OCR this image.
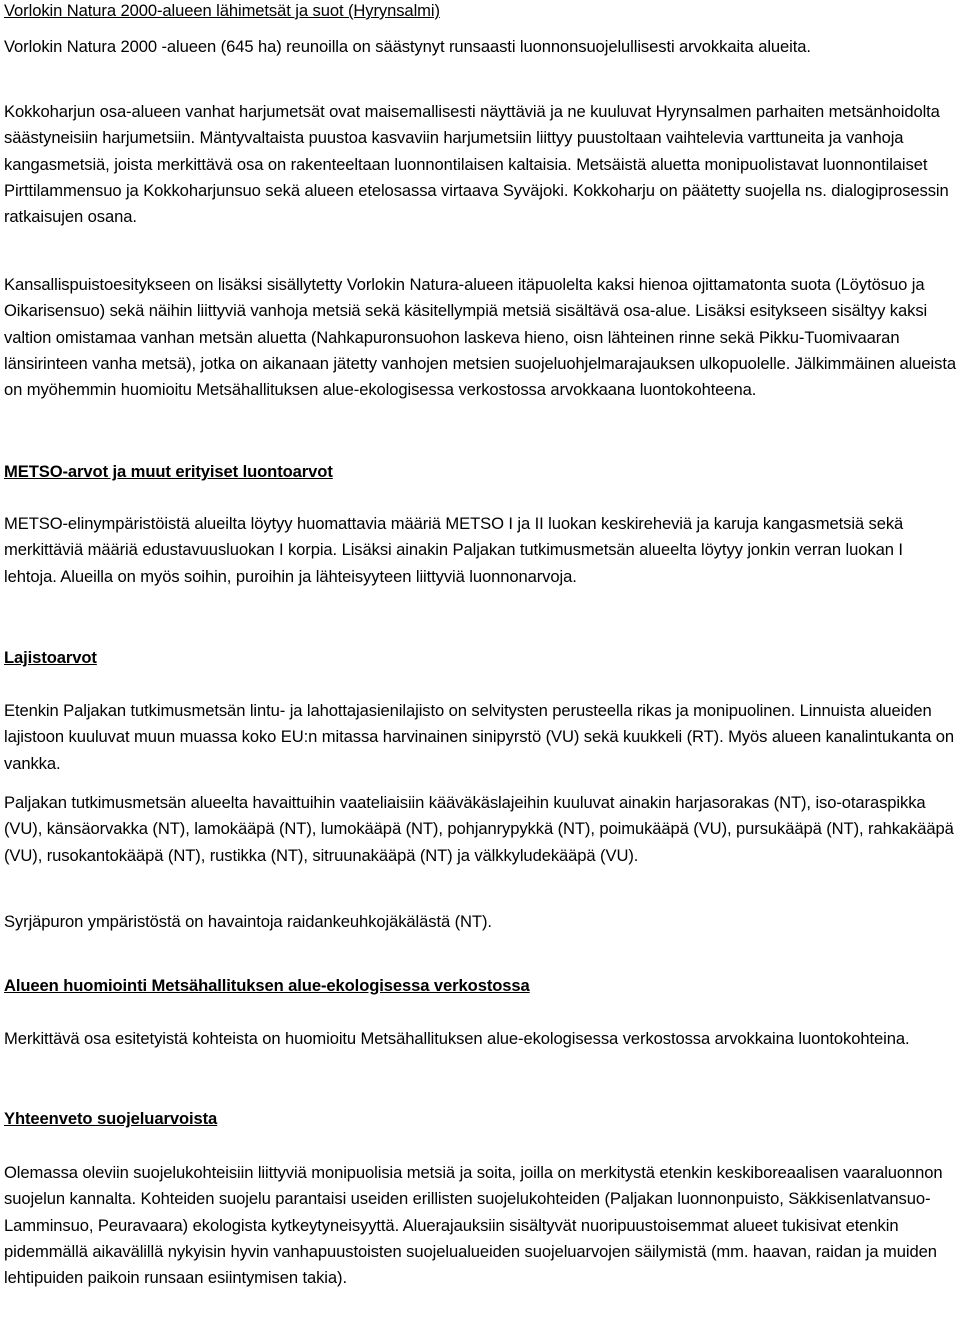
Vorlokin Natura 2000-alueen lähimetsät ja suot (Hyrynsalmi)

Vorlokin Natura 2000 -alueen (645 ha) reunoilla on säästynyt runsaasti luonnonsuojelullisesti arvokkaita alueita.

Kokkoharjun osa-alueen vanhat harjumetsät ovat maisemallisesti näyttäviä ja ne kuuluvat Hyrynsalmen parhaiten metsänhoidolta säästyneisiin harjumetsiin. Mäntyvaltaista puustoa kasvaviin harjumetsiin liittyy puustoltaan vaihtelevia varttuneita ja vanhoja kangasmetsiä, joista merkittävä osa on rakenteeltaan luonnontilaisen kaltaisia. Metsäistä aluetta monipuolistavat luonnontilaiset Pirttilammensuo ja Kokkoharjunsuo sekä alueen etelosassa virtaava Syväjoki. Kokkoharju on päätetty suojella ns. dialogiprosessin ratkaisujen osana.

Kansallispuistoesitykseen on lisäksi sisällytetty Vorlokin Natura-alueen itäpuolelta kaksi hienoa ojittamatonta suota (Löytösuo ja Oikarisensuo) sekä näihin liittyviä vanhoja metsiä sekä käsitellympiä metsiä sisältävä osa-alue. Lisäksi esitykseen sisältyy kaksi valtion omistamaa vanhan metsän aluetta (Nahkapuronsuohon laskeva hieno, oisn lähteinen rinne sekä Pikku-Tuomivaaran länsirinteen vanha metsä), jotka on aikanaan jätetty vanhojen metsien suojeluohjelmarajauksen ulkopuolelle. Jälkimmäinen alueista on myöhemmin huomioitu Metsähallituksen alue-ekologisessa verkostossa arvokkaana luontokohteena.

METSO-arvot ja muut erityiset luontoarvot

METSO-elinympäristöistä alueilta löytyy huomattavia määriä METSO I ja II luokan keskireheviä ja karuja kangasmetsiä sekä merkittäviä määriä edustavuusluokan I korpia. Lisäksi ainakin Paljakan tutkimusmetsän alueelta löytyy jonkin verran luokan I lehtoja. Alueilla on myös soihin, puroihin ja lähteisyyteen liittyviä luonnonarvoja.

Lajistoarvot

Etenkin Paljakan tutkimusmetsän lintu- ja lahottajasienilajisto on selvitysten perusteella rikas ja monipuolinen. Linnuista alueiden lajistoon kuuluvat muun muassa koko EU:n mitassa harvinainen sinipyrstö (VU) sekä kuukkeli (RT). Myös alueen kanalintukanta on vankka.

Paljakan tutkimusmetsän alueelta havaittuihin vaateliaisiin kääväkäslajeihin kuuluvat ainakin harjasorakas (NT), iso-otaraspikka (VU), känsäorvakka (NT), lamokääpä (NT), lumokääpä (NT), pohjanrypykkä (NT), poimukääpä (VU), pursukääpä (NT), rahkakääpä (VU), rusokantokääpä (NT), rustikka (NT), sitruunakääpä (NT) ja välkkyludekääpä (VU).

Syrjäpuron ympäristöstä on havaintoja raidankeuhkojäkälästä (NT).

Alueen huomiointi Metsähallituksen alue-ekologisessa verkostossa

Merkittävä osa esitetyistä kohteista on huomioitu Metsähallituksen alue-ekologisessa verkostossa arvokkaina luontokohteina.

Yhteenveto suojeluarvoista

Olemassa oleviin suojelukohteisiin liittyviä monipuolisia metsiä ja soita, joilla on merkitystä etenkin keskiboreaalisen vaaraluonnon suojelun kannalta. Kohteiden suojelu parantaisi useiden erillisten suojelukohteiden (Paljakan luonnonpuisto, Säkkisenlatvansuo-Lamminsuo, Peuravaara) ekologista kytkeytyneisyyttä. Aluerajauksiin sisältyvät nuoripuustoisemmat alueet tukisivat etenkin pidemmällä aikavälillä nykyisin hyvin vanhapuustoisten suojelualueiden suojeluarvojen säilymistä (mm. haavan, raidan ja muiden lehtipuiden paikoin runsaan esiintymisen takia).
